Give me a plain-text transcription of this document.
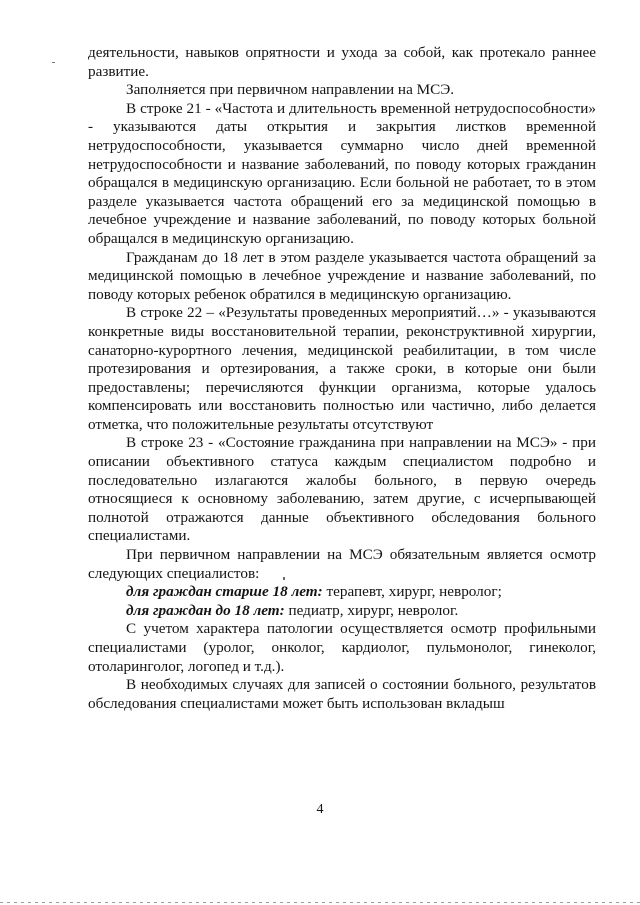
деятельности, навыков опрятности и ухода за собой, как протекало раннее развитие.

Заполняется при первичном направлении на МСЭ.

В строке 21 - «Частота и длительность временной нетрудоспособности» - указываются даты открытия и закрытия листков временной нетрудоспособности, указывается суммарно число дней временной нетрудоспособности и название заболеваний, по поводу которых гражданин обращался в медицинскую организацию. Если больной не работает, то в этом разделе указывается частота обращений его за медицинской помощью в лечебное учреждение и название заболеваний, по поводу которых больной обращался в медицинскую организацию.

Гражданам до 18 лет в этом разделе указывается частота обращений за медицинской помощью в лечебное учреждение и название заболеваний, по поводу которых ребенок обратился в медицинскую организацию.

В строке 22 – «Результаты проведенных мероприятий…» - указываются конкретные виды восстановительной терапии, реконструктивной хирургии, санаторно-курортного лечения, медицинской реабилитации, в том числе протезирования и ортезирования, а также сроки, в которые они были предоставлены; перечисляются функции организма, которые удалось компенсировать или восстановить полностью или частично, либо делается отметка, что положительные результаты отсутствуют

В строке 23 - «Состояние гражданина при направлении на МСЭ» - при описании объективного статуса каждым специалистом подробно и последовательно излагаются жалобы больного, в первую очередь относящиеся к основному заболеванию, затем другие, с исчерпывающей полнотой отражаются данные объективного обследования больного специалистами.

При первичном направлении на МСЭ обязательным является осмотр следующих специалистов:

для граждан старше 18 лет: терапевт, хирург, невролог;

для граждан до 18 лет: педиатр, хирург, невролог.

С учетом характера патологии осуществляется осмотр профильными специалистами (уролог, онколог, кардиолог, пульмонолог, гинеколог, отоларинголог, логопед и т.д.).

В необходимых случаях для записей о состоянии больного, результатов обследования специалистами может быть использован вкладыш

4
